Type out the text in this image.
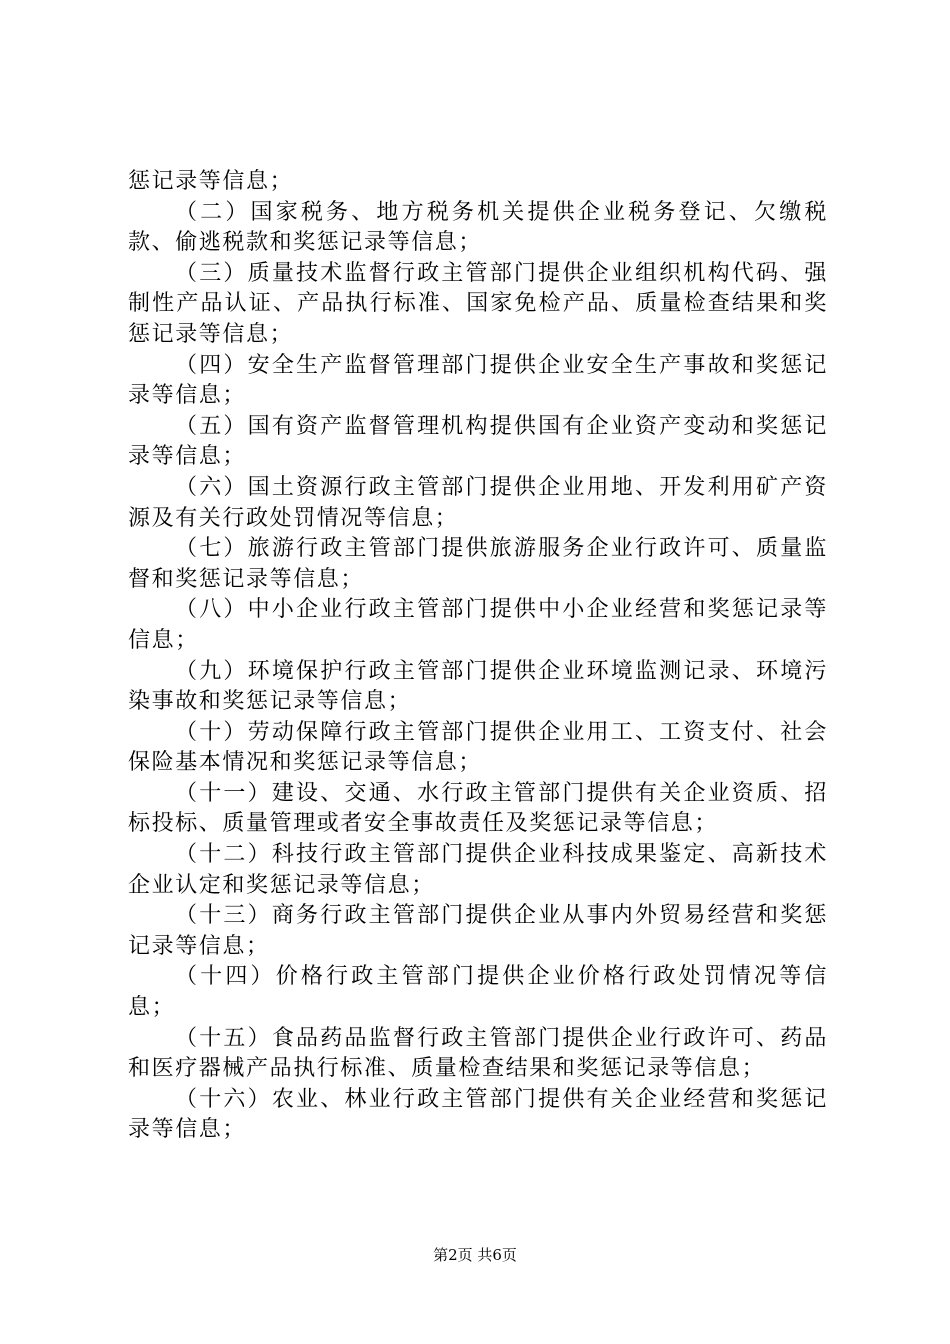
惩记录等信息；

（二）国家税务、地方税务机关提供企业税务登记、欠缴税款、偷逃税款和奖惩记录等信息；

（三）质量技术监督行政主管部门提供企业组织机构代码、强制性产品认证、产品执行标准、国家免检产品、质量检查结果和奖惩记录等信息；

（四）安全生产监督管理部门提供企业安全生产事故和奖惩记录等信息；

（五）国有资产监督管理机构提供国有企业资产变动和奖惩记录等信息；

（六）国土资源行政主管部门提供企业用地、开发利用矿产资源及有关行政处罚情况等信息；

（七）旅游行政主管部门提供旅游服务企业行政许可、质量监督和奖惩记录等信息；

（八）中小企业行政主管部门提供中小企业经营和奖惩记录等信息；

（九）环境保护行政主管部门提供企业环境监测记录、环境污染事故和奖惩记录等信息；

（十）劳动保障行政主管部门提供企业用工、工资支付、社会保险基本情况和奖惩记录等信息；

（十一）建设、交通、水行政主管部门提供有关企业资质、招标投标、质量管理或者安全事故责任及奖惩记录等信息；

（十二）科技行政主管部门提供企业科技成果鉴定、高新技术企业认定和奖惩记录等信息；

（十三）商务行政主管部门提供企业从事内外贸易经营和奖惩记录等信息；

（十四）价格行政主管部门提供企业价格行政处罚情况等信息；

（十五）食品药品监督行政主管部门提供企业行政许可、药品和医疗器械产品执行标准、质量检查结果和奖惩记录等信息；

（十六）农业、林业行政主管部门提供有关企业经营和奖惩记录等信息；

第2页 共6页
